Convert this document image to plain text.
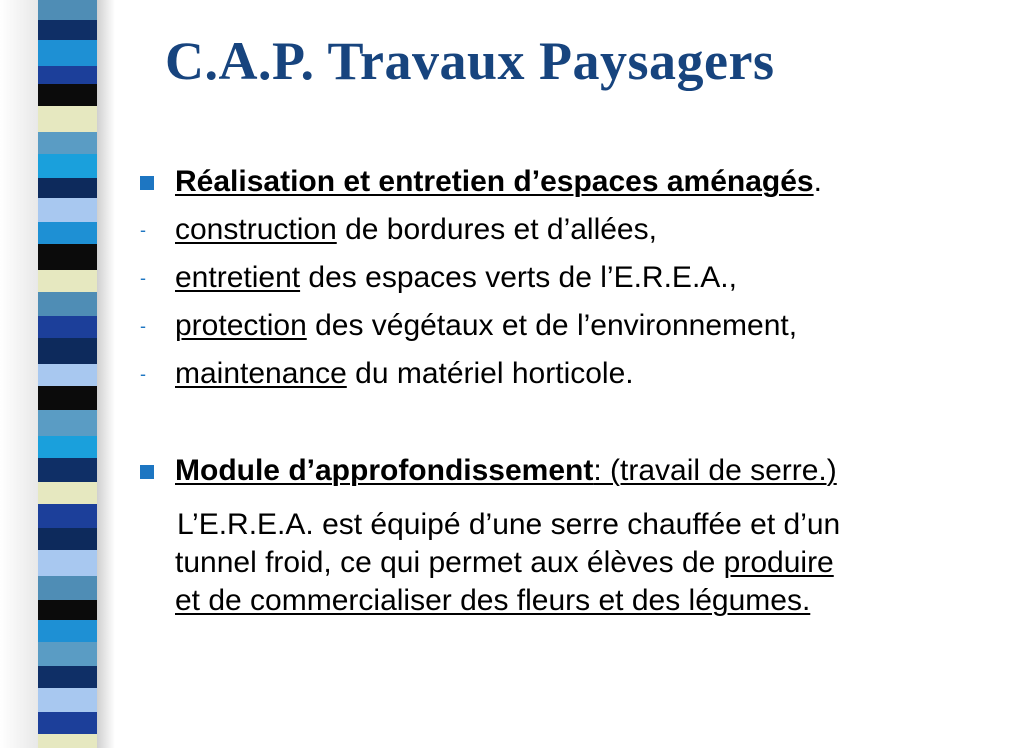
C.A.P. Travaux Paysagers
Réalisation et entretien d’espaces aménagés.
- construction de bordures et d’allées,
- entretient des espaces verts de l’E.R.E.A.,
- protection des végétaux et de l’environnement,
- maintenance du matériel horticole.
Module d’approfondissement: (travail de serre.)
L’E.R.E.A. est équipé d’une serre chauffée et d’un
tunnel froid, ce qui permet aux élèves de produire
et de commercialiser des fleurs et des légumes.
